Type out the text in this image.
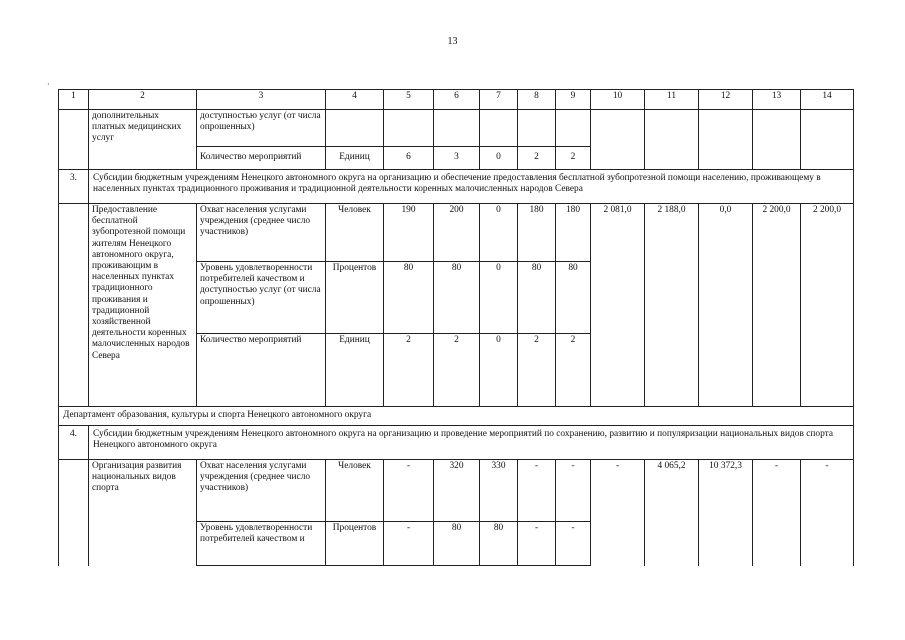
13
·
1	2	3	4	5	6	7	8	9	10	11	12	13	14
	дополнительных платных медицинских услуг	доступностью услуг (от числа опрошенных)											
		Количество мероприятий	Единиц	6	3	0	2	2					
3.	Субсидии бюджетным учреждениям Ненецкого автономного округа на организацию и обеспечение предоставления бесплатной зубопротезной помощи населению, проживающему в населенных пунктах традиционного проживания и традиционной деятельности коренных малочисленных народов Севера												
	Предоставление бесплатной зубопротезной помощи жителям Ненецкого автономного округа, проживающим в населенных пунктах традиционного проживания и традиционной хозяйственной деятельности коренных малочисленных народов Севера	Охват населения услугами учреждения (среднее число участников)	Человек	190	200	0	180	180	2 081,0	2 188,0	0,0	2 200,0	2 200,0
		Уровень удовлетворенности потребителей качеством и доступностью услуг (от числа опрошенных)	Процентов	80	80	0	80	80					
		Количество мероприятий	Единиц	2	2	0	2	2					
Департамент образования, культуры и спорта Ненецкого автономного округа													
4.	Субсидии бюджетным учреждениям Ненецкого автономного округа на организацию и проведение мероприятий по сохранению, развитию и популяризации национальных видов спорта Ненецкого автономного округа												
	Организация развития национальных видов спорта	Охват населения услугами учреждения (среднее число участников)	Человек	-	320	330	-	-	-	4 065,2	10 372,3	-	-
		Уровень удовлетворенности потребителей качеством и	Процентов	-	80	80	-	-					
